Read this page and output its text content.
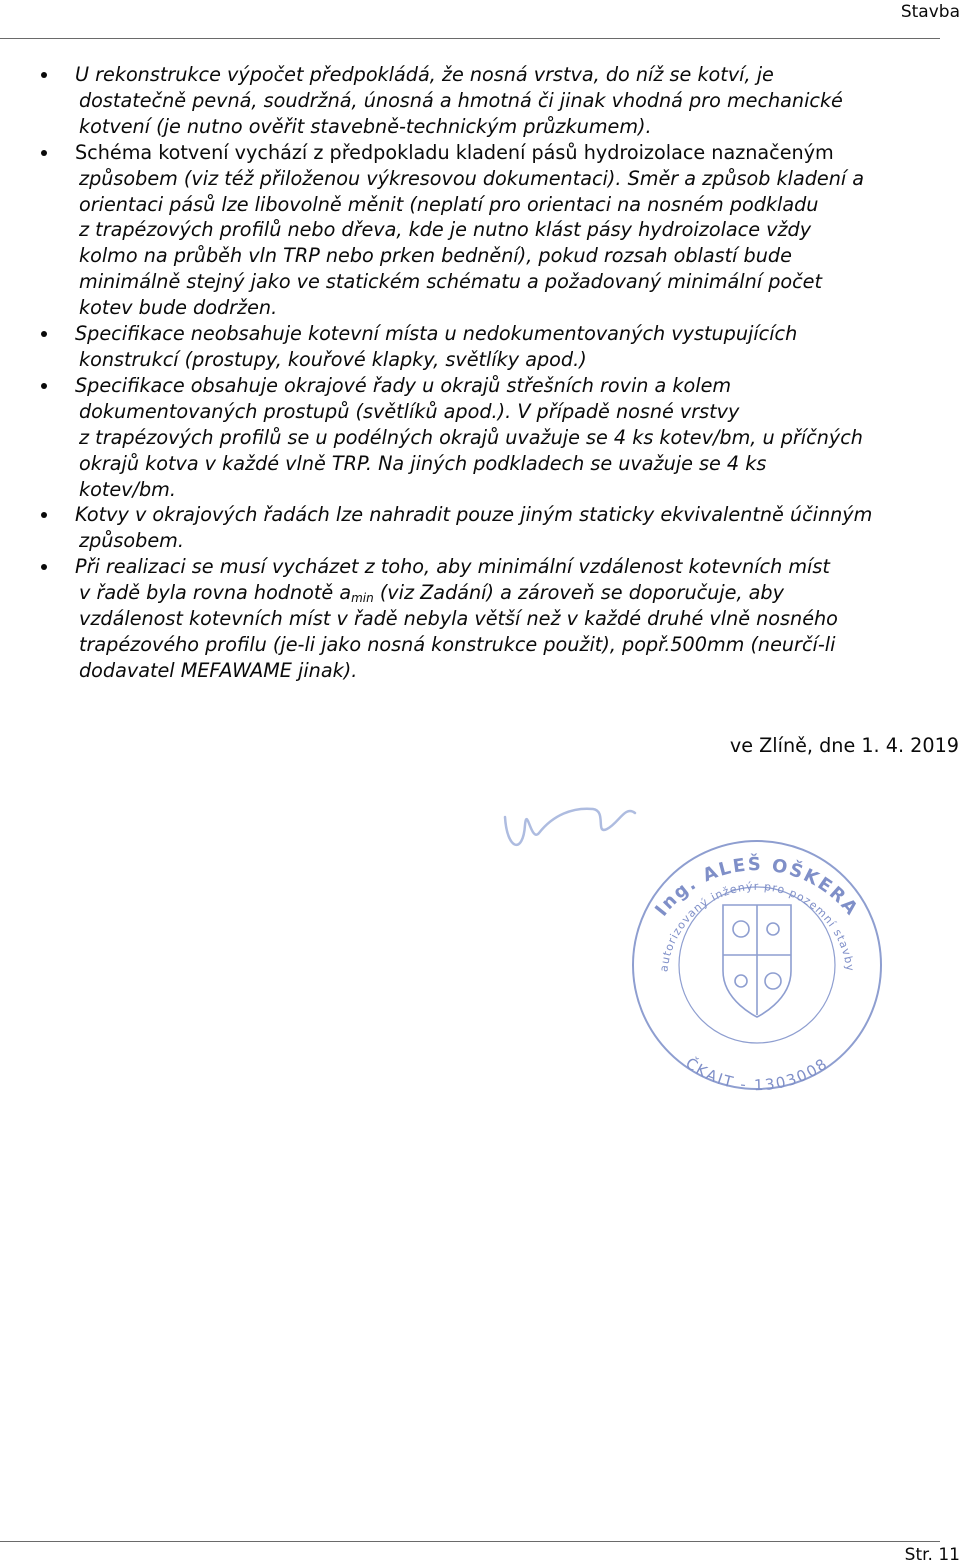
Stavba
U rekonstrukce výpočet předpokládá, že nosná vrstva, do níž se kotví, je
dostatečně pevná, soudržná, únosná a hmotná či jinak vhodná pro mechanické
kotvení (je nutno ověřit stavebně-technickým průzkumem).
Schéma kotvení vychází z předpokladu kladení pásů hydroizolace naznačeným
způsobem (viz též přiloženou výkresovou dokumentaci). Směr a způsob kladení a
orientaci pásů lze libovolně měnit (neplatí pro orientaci na nosném podkladu
z trapézových profilů nebo dřeva, kde je nutno klást pásy hydroizolace vždy
kolmo na průběh vln TRP nebo prken bednění), pokud rozsah oblastí bude
minimálně stejný jako ve statickém schématu a požadovaný minimální počet
kotev bude dodržen.
Specifikace neobsahuje kotevní místa u nedokumentovaných vystupujících
konstrukcí (prostupy, kouřové klapky, světlíky apod.)
Specifikace obsahuje okrajové řady u okrajů střešních rovin a kolem
dokumentovaných prostupů (světlíků apod.). V případě nosné vrstvy
z trapézových profilů se u podélných okrajů uvažuje se 4 ks kotev/bm, u příčných
okrajů kotva v každé vlně TRP. Na jiných podkladech se uvažuje se 4 ks
kotev/bm.
Kotvy v okrajových řadách lze nahradit pouze jiným staticky ekvivalentně účinným
způsobem.
Při realizaci se musí vycházet z toho, aby minimální vzdálenost kotevních míst
v řadě byla rovna hodnotě $a_{min}$ (viz Zadání) a zároveň se doporučuje, aby
vzdálenost kotevních míst v řadě nebyla větší než v každé druhé vlně nosného
trapézového profilu (je-li jako nosná konstrukce použit), popř.500mm (neurčí-li
dodavatel MEFAWAME jinak).
ve Zlíně, dne 1. 4. 2019
Ing. ALEŠ OŠKERA
autorizovaný inženýr pro pozemní stavby
ČKAIT - 1303008
Str. 11
